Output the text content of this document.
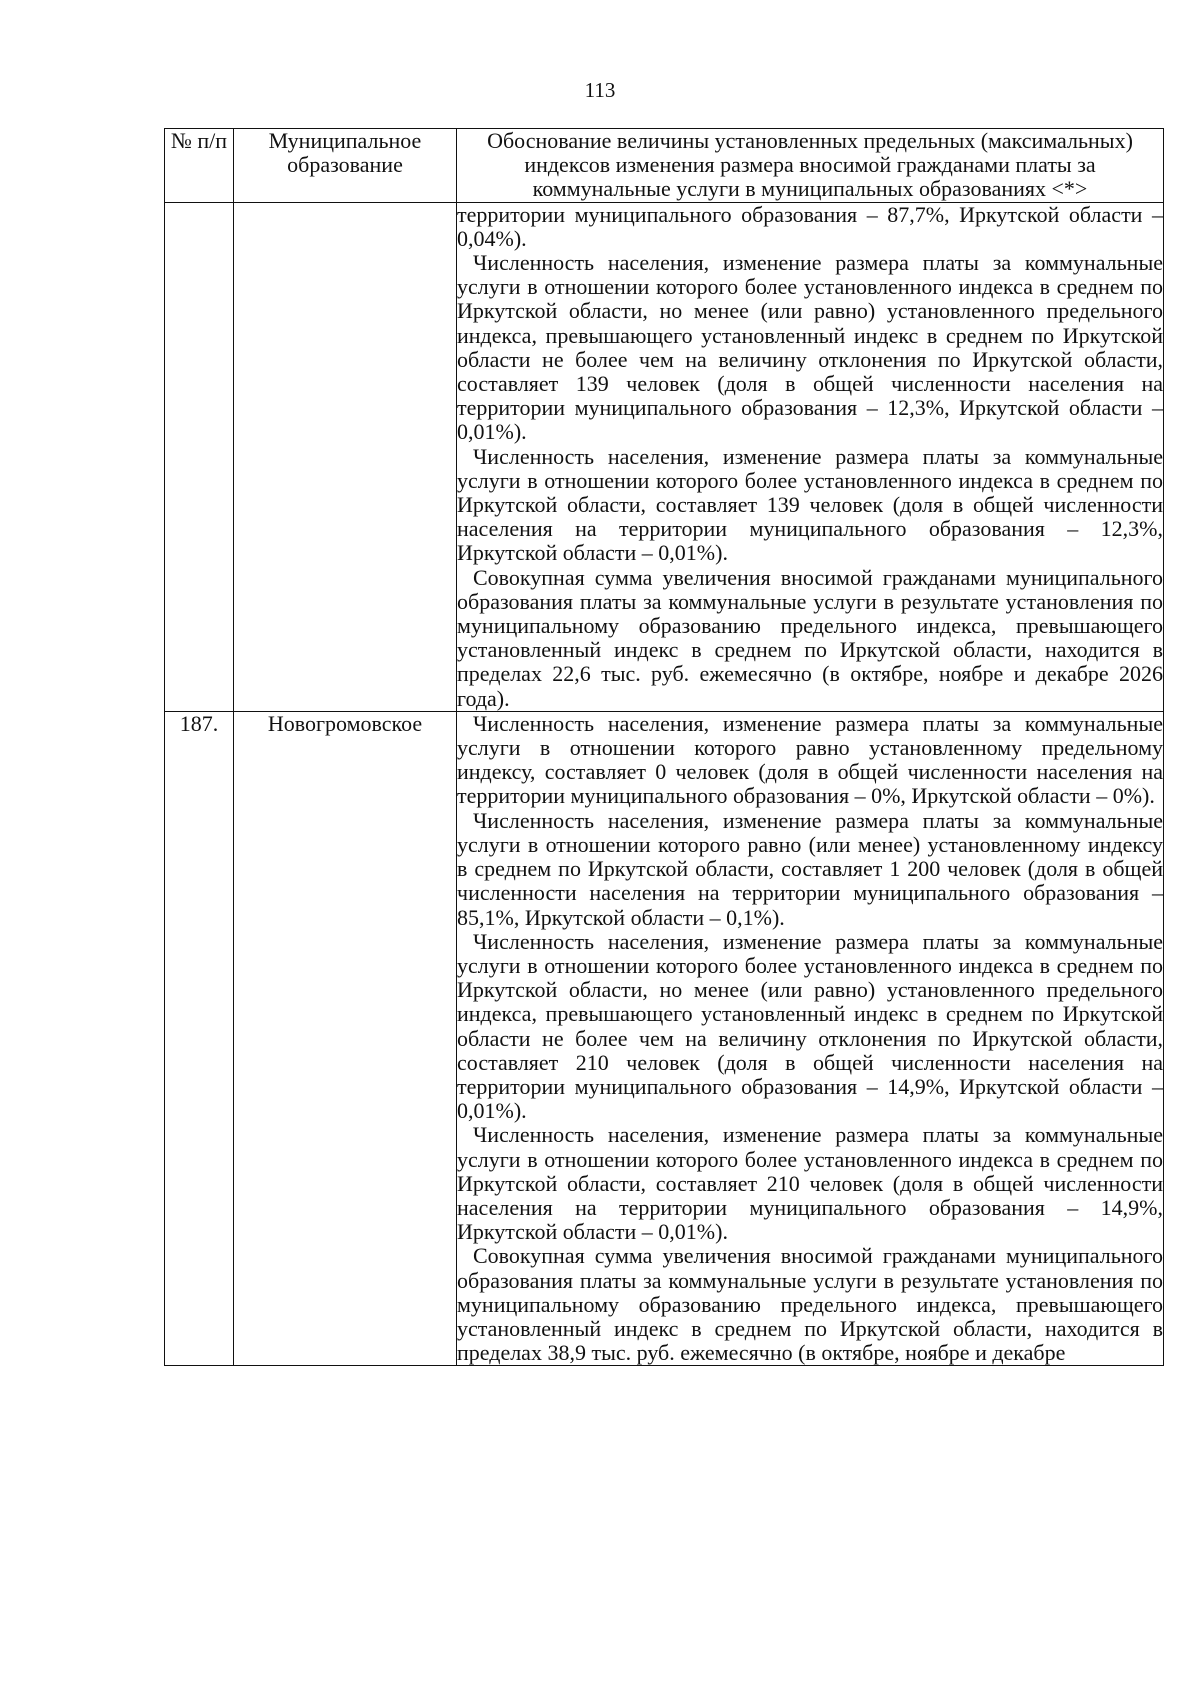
113
№ п/п	Муниципальное образование	Обоснование величины установленных предельных (максимальных) индексов изменения размера вносимой гражданами платы за коммунальные услуги в муниципальных образованиях <*>

		территории муниципального образования – 87,7%, Иркутской области – 0,04%).

Численность населения, изменение размера платы за коммунальные услуги в отношении которого более установленного индекса в среднем по Иркутской области, но менее (или равно) установленного предельного индекса, превышающего установленный индекс в среднем по Иркутской области не более чем на величину отклонения по Иркутской области, составляет 139 человек (доля в общей численности населения на территории муниципального образования – 12,3%, Иркутской области – 0,01%).

Численность населения, изменение размера платы за коммунальные услуги в отношении которого более установленного индекса в среднем по Иркутской области, составляет 139 человек (доля в общей численности населения на территории муниципального образования – 12,3%, Иркутской области – 0,01%).

Совокупная сумма увеличения вносимой гражданами муниципального образования платы за коммунальные услуги в результате установления по муниципальному образованию предельного индекса, превышающего установленный индекс в среднем по Иркутской области, находится в пределах 22,6 тыс. руб. ежемесячно (в октябре, ноябре и декабре 2026 года).

187.	Новогромовское	Численность населения, изменение размера платы за коммунальные услуги в отношении которого равно установленному предельному индексу, составляет 0 человек (доля в общей численности населения на территории муниципального образования – 0%, Иркутской области – 0%).

Численность населения, изменение размера платы за коммунальные услуги в отношении которого равно (или менее) установленному индексу в среднем по Иркутской области, составляет 1 200 человек (доля в общей численности населения на территории муниципального образования – 85,1%, Иркутской области – 0,1%).

Численность населения, изменение размера платы за коммунальные услуги в отношении которого более установленного индекса в среднем по Иркутской области, но менее (или равно) установленного предельного индекса, превышающего установленный индекс в среднем по Иркутской области не более чем на величину отклонения по Иркутской области, составляет 210 человек (доля в общей численности населения на территории муниципального образования – 14,9%, Иркутской области – 0,01%).

Численность населения, изменение размера платы за коммунальные услуги в отношении которого более установленного индекса в среднем по Иркутской области, составляет 210 человек (доля в общей численности населения на территории муниципального образования – 14,9%, Иркутской области – 0,01%).

Совокупная сумма увеличения вносимой гражданами муниципального образования платы за коммунальные услуги в результате установления по муниципальному образованию предельного индекса, превышающего установленный индекс в среднем по Иркутской области, находится в пределах 38,9 тыс. руб. ежемесячно (в октябре, ноябре и декабре
